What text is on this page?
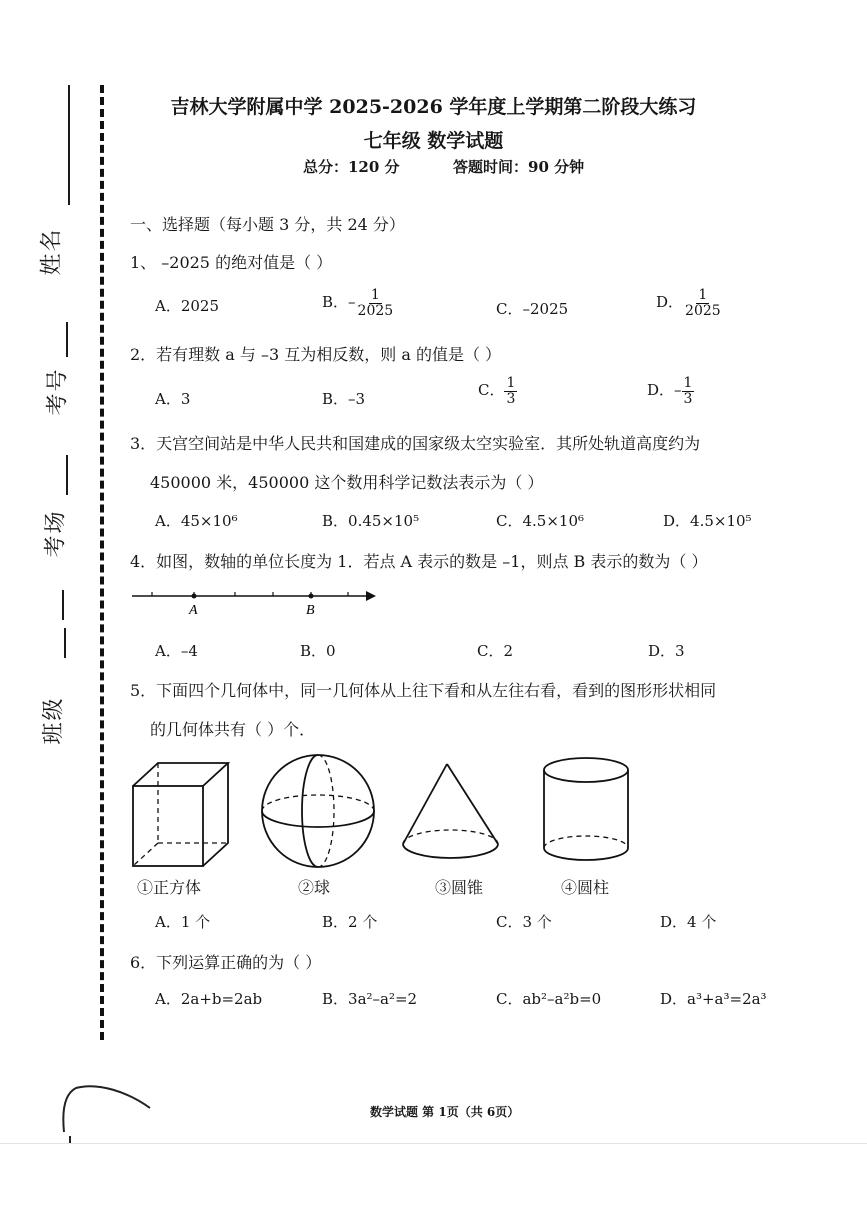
姓名
考号
考场
班级
吉林大学附属中学 2025-2026 学年度上学期第二阶段大练习
七年级 数学试题
总分：120 分	答题时间：90 分钟
一、选择题（每小题 3 分，共 24 分）
1、 –2025 的绝对值是（ ）
A．2025	B．– $\frac{1}{2025}$	C．–2025	D． $\frac{1}{2025}$
2．若有理数 a 与 –3 互为相反数，则 a 的值是（ ）
A．3	B．–3	C． $\frac{1}{3}$	D．– $\frac{1}{3}$
3．天宫空间站是中华人民共和国建成的国家级太空实验室．其所处轨道高度约为
450000 米，450000 这个数用科学记数法表示为（ ）
A．45×10⁶	B．0.45×10⁵	C．4.5×10⁶	D．4.5×10⁵
4．如图，数轴的单位长度为 1．若点 A 表示的数是 –1，则点 B 表示的数为（ ）
A	B
A．–4	B．0	C．2	D．3
5．下面四个几何体中，同一几何体从上往下看和从左往右看，看到的图形形状相同
的几何体共有（ ）个．
①正方体	②球	③圆锥	④圆柱
A．1 个	B．2 个	C．3 个	D．4 个
6．下列运算正确的为（ ）
A．2a+b=2ab	B．3a²–a²=2	C．ab²–a²b=0	D．a³+a³=2a³
数学试题 第 1页（共 6页）
